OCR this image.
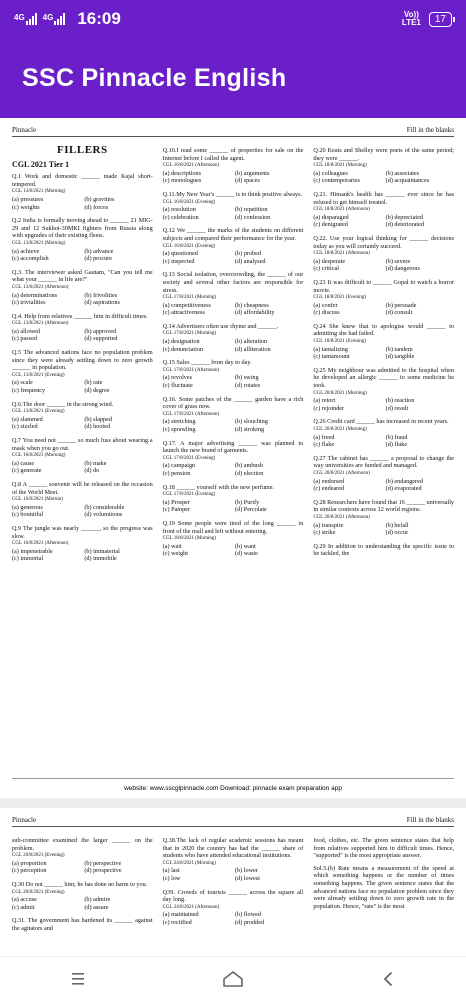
4G 4G 16:09	Vo))
LTE1	17
SSC Pinnacle English
Pinnacle	Fill in the blanks
FILLERS
CGL 2021 Tier 1
Q.1 Work and domestic ______ made Kajal short-tempered.
CGL 13/8/2021 (Morning)
(a) pressures	(b) gravities
(c) weights	(d) forces
Q.2 India is formally moving ahead to ______ 21 MIG-29 and 12 Sukhoi-30MKI fighters from Russia along with upgrades of their existing fleets.
CGL 13/8/2021 (Morning)
(a) achieve	(b) advance
(c) accomplish	(d) procure
Q.3. The interviewer asked Gautam, "Can you tell me what your ______ in life are?"
CGL 13/8/2021 (Afternoon)
(a) determinations	(b) frivolities
(c) trivialities	(d) aspirations
Q.4. Help from relatives ______ him in difficult times.
CGL 13/8/2021 (Afternoon)
(a) allowed	(b) approved
(c) passed	(d) supported
Q.5 The advanced nations face no population problem since they were already settling down to zero growth ______ in population.
CGL 13/8/2021 (Evening)
(a) scale	(b) rate
(c) frequency	(d) degree
Q.6.The door ______ in the strong wind.
CGL 13/8/2021 (Evening)
(a) slammed	(b) slapped
(c) sizzled	(d) hooted
Q.7 You need not ______ so much fuss about wearing a mask when you go out.
CGL 16/8/2021 (Morning)
(a) cause	(b) make
(c) generate	(d) do
Q.8 A ______ souvenir will be released on the occasion of the World Meet.
CGL 16/8/2021 (Mornin)
(a) generous	(b) considerable
(c) bountiful	(d) voluminous
Q.9 The jungle was nearly ______, so the progress was slow.
CGL 16/8/2021 (Afternoon)
(a) impenetrable	(b) immaterial
(c) immortal	(d) immobile
Q.10.I read some ______ of properties for sale on the Internet before I called the agent.
CGL 16/8/2021 (Afternoon)
(a) descriptions	(b) arguments
(c) monologues	(d) spaces
Q.11.My New Year's ______ is to think positive always.
CGL 16/8/2021 (Evening)
(a) resolution	(b) repetition
(c) celebration	(d) confession
Q.12 We ______ the marks of the students on different subjects and compared their performance for the year.
CGL 16/8/2021 (Evening)
(a) questioned	(b) probed
(c) inspected	(d) analysed
Q.13 Social isolation, overcrowding, the ______ of our society and several other factors are responsible for stress.
CGL 17/8/2021 (Morning)
(a) competitiveness	(b) cheapness
(c) attractiveness	(d) affordability
Q.14 Advertisers often use rhyme and ______.
CGL 17/8/2021 (Morning)
(a) designation	(b) alteration
(c) denunciation	(d) alliteration
Q.15 Sales ______ from day to day.
CGL 17/8/2021 (Afternoon)
(a) revolves	(b) swing
(c) fluctuate	(d) rotates
Q.16. Some patches of the ______ garden have a rich cover of grass now.
CGL 17/8/2021 (Afternoon)
(a) stretching	(b) slouching
(c) sprawling	(d) stroking
Q.17. A major advertising ______ was planned to launch the new brand of garments.
CGL 17/8/2021 (Evening)
(a) campaign	(b) ambush
(c) pension	(d) election
Q.18 ______ yourself with the new perfume.
CGL 17/8/2021 (Evening)
(a) Prosper	(b) Purify
(c) Pamper	(d) Percolate
Q.19 Some people were tired of the long ______ in front of the mall and left without entering.
CGL 18/8/2021 (Morning)
(a) wait	(b) want
(c) weight	(d) waste
Q.20 Keats and Shelley were poets of the same period; they were ______.
CGL 18/8/2021 (Morning)
(a) colleagues	(b) associates
(c) contemporaries	(d) acquaintances
Q.21. Himank's health has ______ ever since he has refused to get himself treated.
CGL 18/8/2021 (Afternoon)
(a) disparaged	(b) depreciated
(c) denigrated	(d) deteriorated
Q.22. Use your logical thinking for ______ decisions today as you will certainly succeed.
CGL 18/8/2021 (Afternoon)
(a) desperate	(b) severe
(c) critical	(d) dangerous
Q.23 It was difficult to ______ Gopal to watch a horror movie.
CGL 18/8/2021 (Evening)
(a) confer	(b) persuade
(c) discuss	(d) consult
Q.24 She knew that to apologise would ______ to admitting she had failed.
CGL 18/8/2021 (Evening)
(a) tantalizing	(b) tandem
(c) tantamount	(d) tangible
Q.25 My neighbour was admitted to the hospital when he developed an allergic ______ to some medicine he took.
CGL 20/8/2021 (Morning)
(a) retort	(b) reaction
(c) rejoinder	(d) result
Q.26 Credit card ______ has increased in recent years.
CGL 20/8/2021 (Morning)
(a) freed	(b) fraud
(c) flake	(d) fluke
Q.27 The cabinet has ______ a proposal to change the way universities are funded and managed.
CGL 20/8/2021 (Afternoon)
(a) endorsed	(b) endangered
(c) endeared	(d) evaporated
Q.28 Researchers have found that 16 ______ universally in similar contexts across 12 world regions.
CGL 20/8/2021 (Afternoon)
(a) transpire	(b) befall
(c) strike	(d) occur
Q.29 In addition to understanding the specific issue to be tackled, the
website: www.sscglpinnacle.com Download: pinnacle exam preparation app
Pinnacle	Fill in the blanks
sub-committee examined the larger ______ on the problem.
CGL 20/8/2021 (Evening)
(a) proportion	(b) perspective
(c) perception	(d) prospective
Q.30 Do not ______ him; he has done no harm to you.
CGL 20/8/2021 (Evening)
(a) accuse	(b) admire
(c) admit	(d) assure
Q.31. The government has hardened its ______ against the agitators and
Q.38.The lack of regular academic sessions has meant that in 2020 the country has had the ______ share of students who have attended educational institutions.
CGL 24/8/2021 (Morning)
(a) last	(b) lower
(c) low	(d) lowest
Q39. Crowds of tourists ______ across the square all day long.
CGL 24/8/2021 (Afternoon)
(a) maintained	(b) flowed
(c) rectified	(d) prodded
food, clothes, etc. The given sentence states that help from relatives supported him in difficult times. Hence, "supported" is the most appropriate answer.
Sol.5.(b) Rate means a measurement of the speed at which something happens or the number of times something happens. The given sentence states that the advanced nations face no population problem since they were already settling down to zero growth rate in the population. Hence, "rate" is the most
